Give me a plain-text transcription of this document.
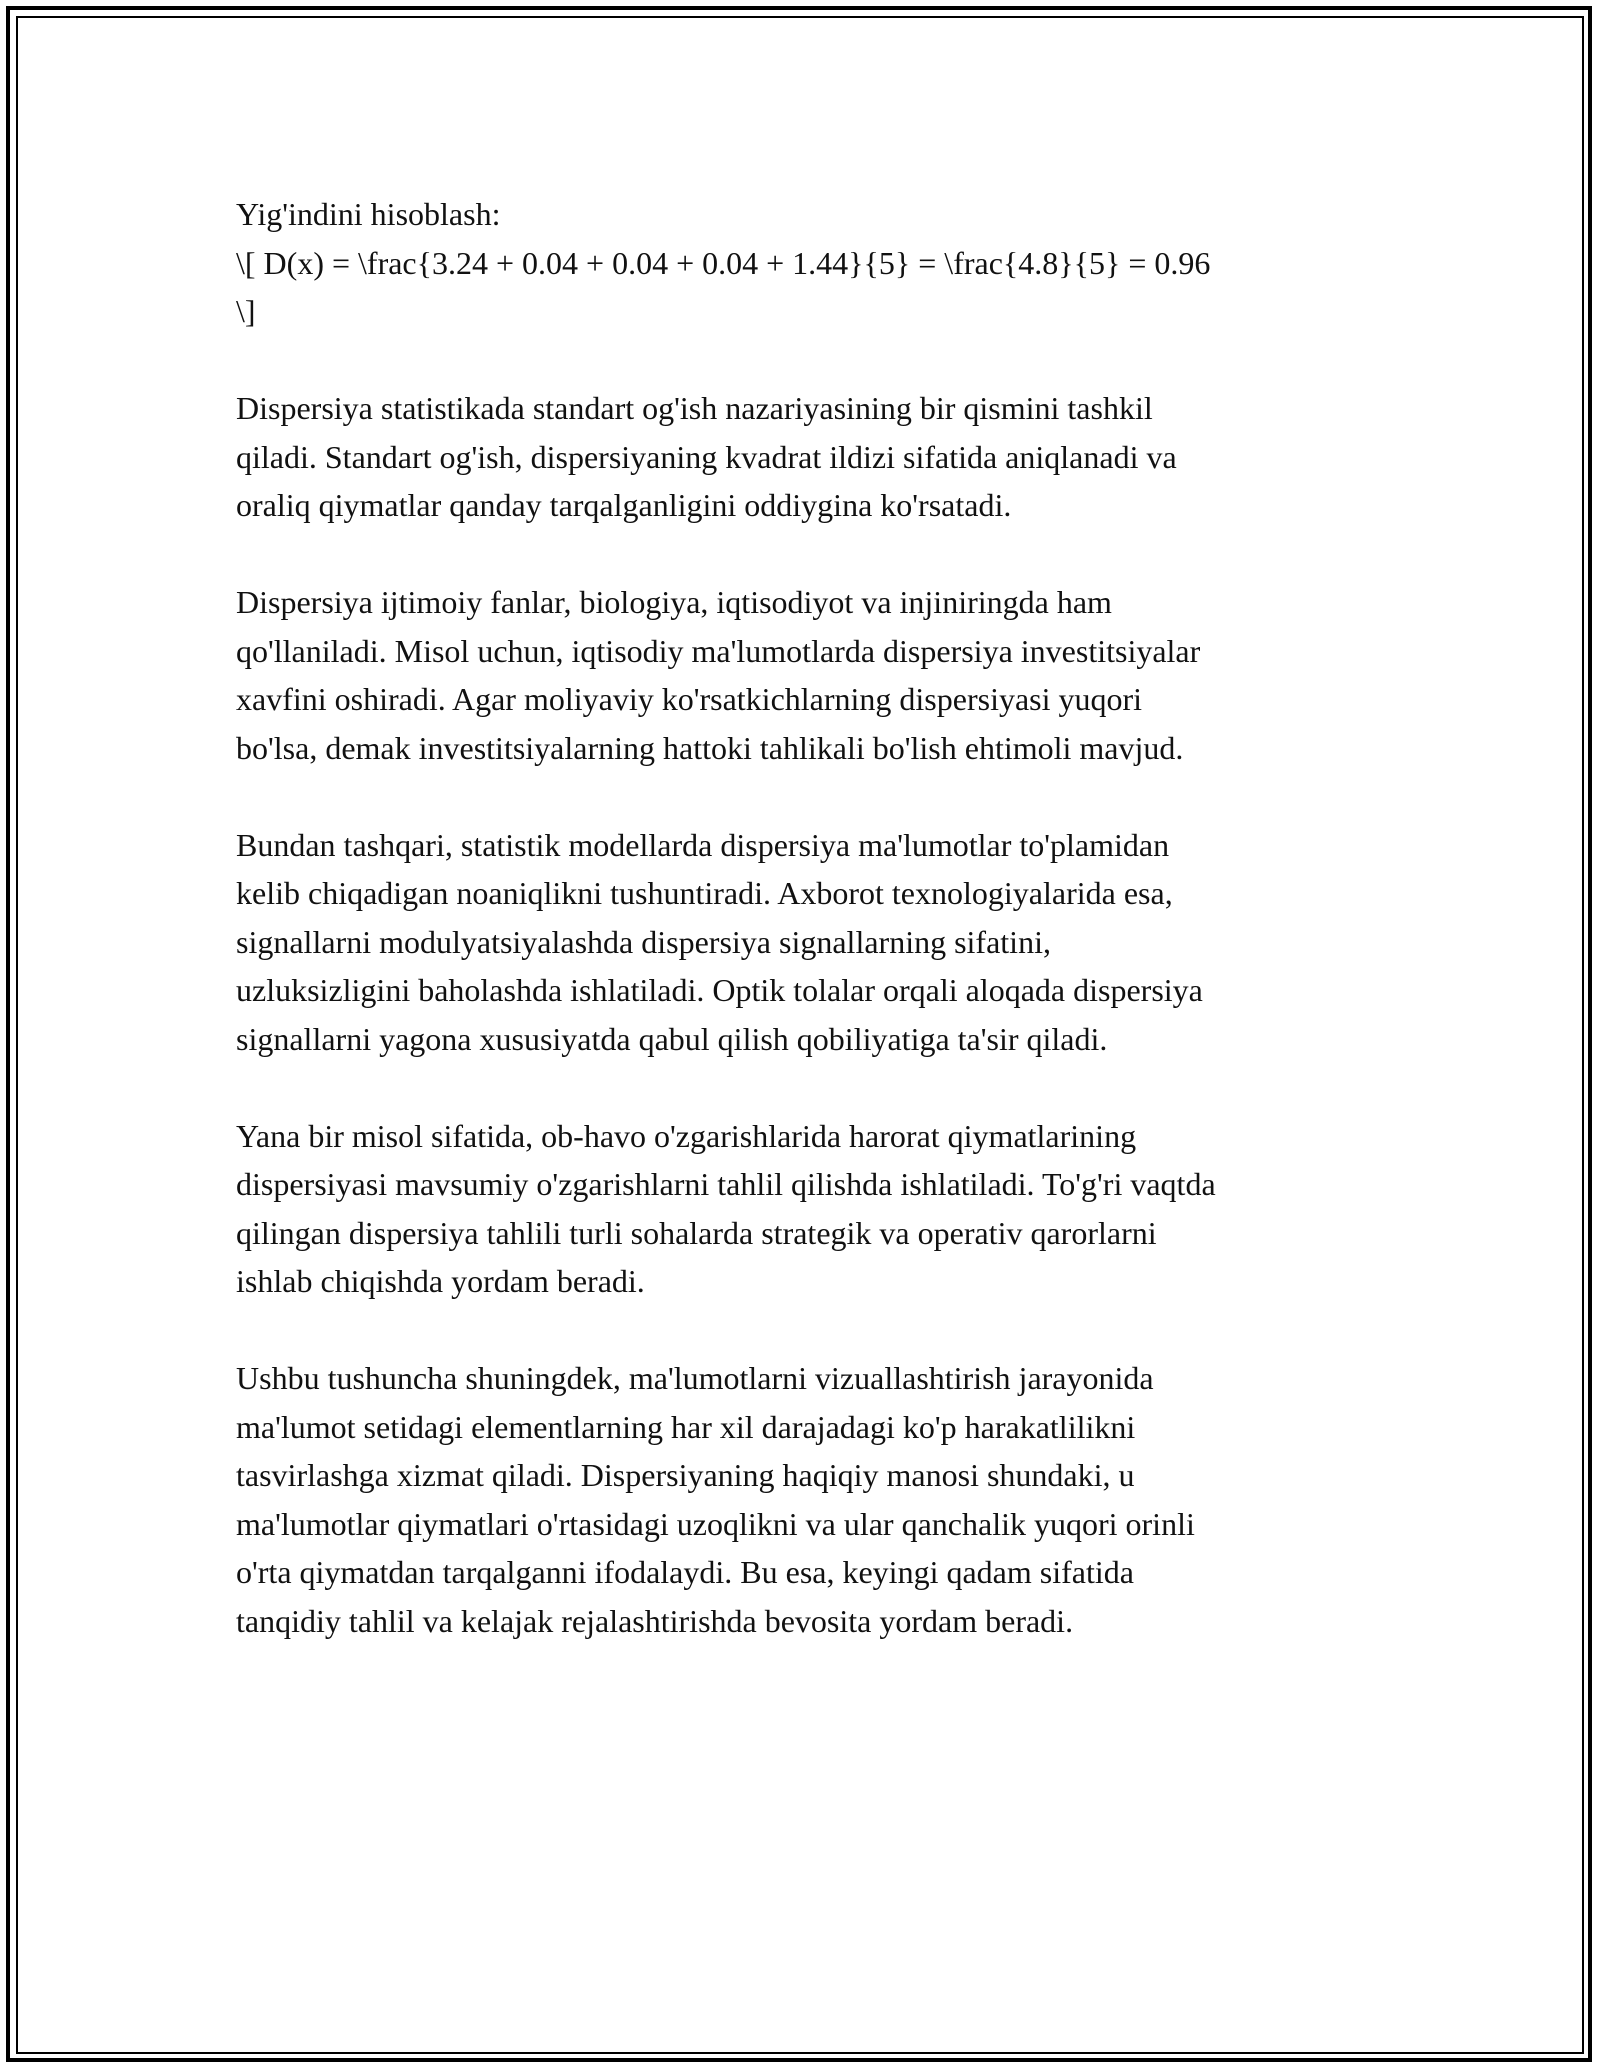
Yig'indini hisoblash:
\[ D(x) = \frac{3.24 + 0.04 + 0.04 + 0.04 + 1.44}{5} = \frac{4.8}{5} = 0.96
\]
Dispersiya statistikada standart og'ish nazariyasining bir qismini tashkil
qiladi. Standart og'ish, dispersiyaning kvadrat ildizi sifatida aniqlanadi va
oraliq qiymatlar qanday tarqalganligini oddiygina ko'rsatadi.
Dispersiya ijtimoiy fanlar, biologiya, iqtisodiyot va injiniringda ham
qo'llaniladi. Misol uchun, iqtisodiy ma'lumotlarda dispersiya investitsiyalar
xavfini oshiradi. Agar moliyaviy ko'rsatkichlarning dispersiyasi yuqori
bo'lsa, demak investitsiyalarning hattoki tahlikali bo'lish ehtimoli mavjud.
Bundan tashqari, statistik modellarda dispersiya ma'lumotlar to'plamidan
kelib chiqadigan noaniqlikni tushuntiradi. Axborot texnologiyalarida esa,
signallarni modulyatsiyalashda dispersiya signallarning sifatini,
uzluksizligini baholashda ishlatiladi. Optik tolalar orqali aloqada dispersiya
signallarni yagona xususiyatda qabul qilish qobiliyatiga ta'sir qiladi.
Yana bir misol sifatida, ob-havo o'zgarishlarida harorat qiymatlarining
dispersiyasi mavsumiy o'zgarishlarni tahlil qilishda ishlatiladi. To'g'ri vaqtda
qilingan dispersiya tahlili turli sohalarda strategik va operativ qarorlarni
ishlab chiqishda yordam beradi.
Ushbu tushuncha shuningdek, ma'lumotlarni vizuallashtirish jarayonida
ma'lumot setidagi elementlarning har xil darajadagi ko'p harakatlilikni
tasvirlashga xizmat qiladi. Dispersiyaning haqiqiy manosi shundaki, u
ma'lumotlar qiymatlari o'rtasidagi uzoqlikni va ular qanchalik yuqori orinli
o'rta qiymatdan tarqalganni ifodalaydi. Bu esa, keyingi qadam sifatida
tanqidiy tahlil va kelajak rejalashtirishda bevosita yordam beradi.
